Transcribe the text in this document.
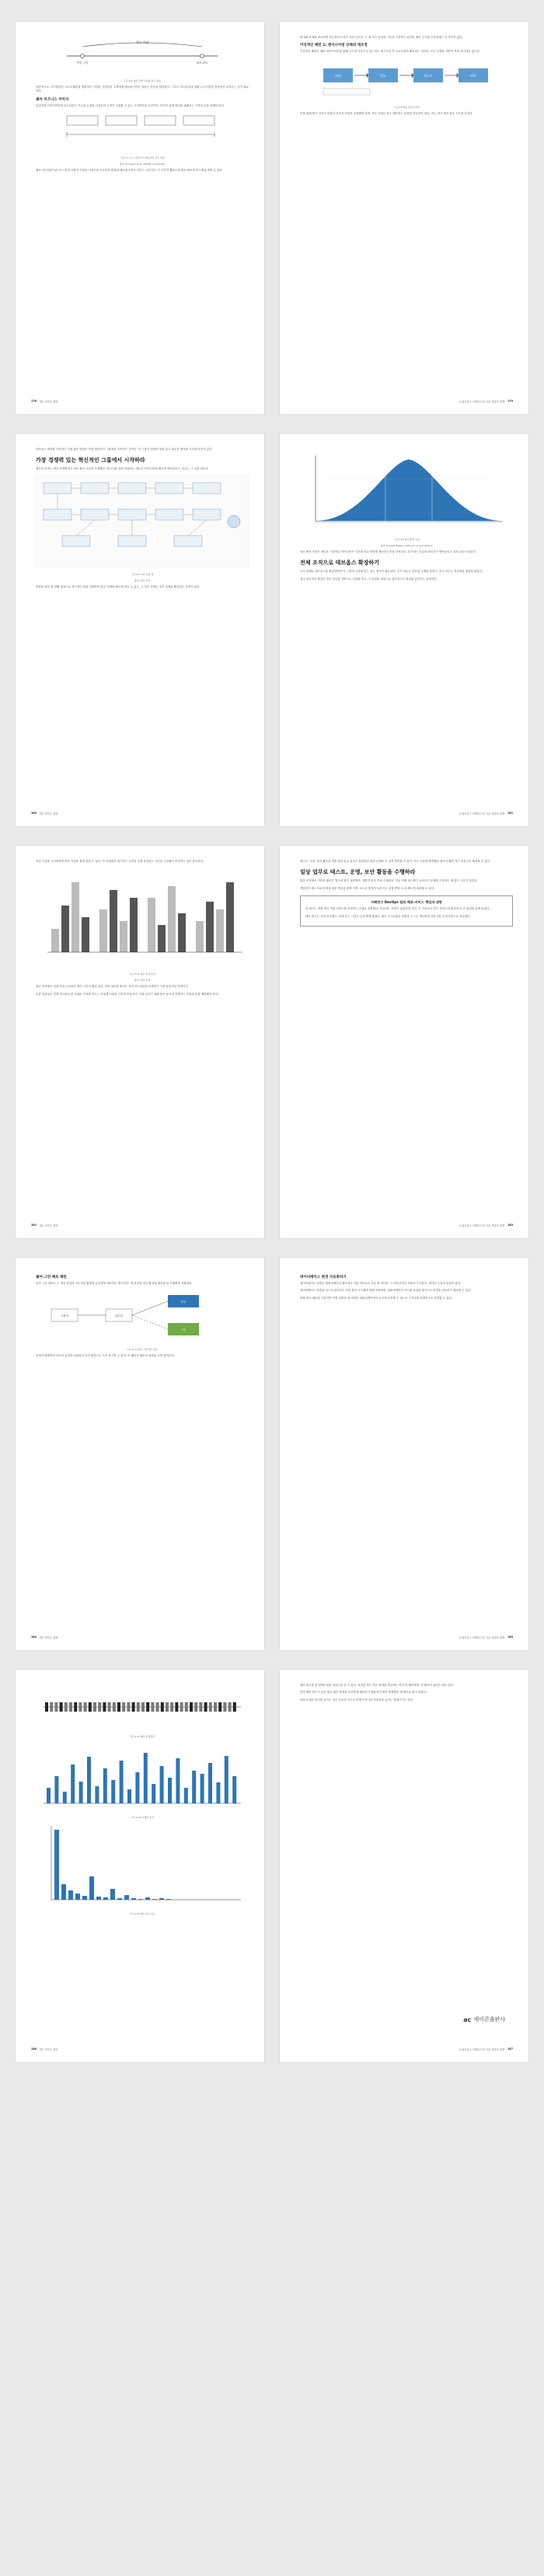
리드 타임
작업 시작	배포 완료
그림 4.6 개선 단계 사이의 리드 타임
일반적으로, 리드타임은 소프트웨어를 개발하기 시작한 시점부터 고객에게 제공되기까지 걸리는 시간을 의미한다. 그리고 리드타임에 대해 요구사항을 만들어서 보여주는 것이 필요하다.
쉐어 비즈니스 이미지
엄밀하게 이야기하자면 리드타임은 기능을 요청한 시점부터 고객이 사용할 수 있는 시점까지의 시간이다. 하지만 실제 측정을 위해서는 시작과 끝을 정해야 한다.
그림 4.7 요구 사항 부터 배포까지 리드 타임
출처: Forsgren et al. (2018), Accelerate
배포 리드타임이란 코드 변경 사항이 커밋된 시점부터 프로덕션 환경에 배포되기까지 걸리는 시간이다. 이 시간이 짧을수록 팀은 빠르게 피드백을 받을 수 있다.
178 3부 사이트 현장
팀 A와 팀 B를 비교하면 자동화의 수준이 서로 다르다. 두 팀 모두 동일한 기능을 구현하고 있지만 배포 주기와 안정성에는 큰 차이가 있다.
이상적인 패턴 1: 엔지니어링 상태의 재조정
이상적인 패턴은 배포 파이프라인을 통해 코드를 자동으로 빌드하고 테스트한 후 프로덕션에 배포하는 것이다. 모든 단계를 사람이 직접 처리하지 않는다.
커밋	빌드	테스트	배포
그림 4.8 배포 파이프라인
이를 위해 팀은 지속적 통합과 지속적 전달을 실천해야 하며, 작은 단위로 자주 배포하는 문화를 만들어야 한다. 이는 결국 팀의 학습 속도를 높인다.
4 데브옵스 프랙티스의 기술 적용의 한계 179
데브옵스 변화를 시작하는 가장 좋은 방법은 가장 혁신적인 그룹에서 시작하는 것이다. 이 그룹은 변화에 열려 있고 새로운 방식을 시도할 의지가 있다.
가장 경쟁력 있는 혁신적인 그룹에서 시작하라
제프리 무어는 캐즘 마케팅에서 혁신 확산 곡선을 소개했다. 혁신가와 얼리 어답터는 새로운 아이디어를 빠르게 받아들이고, 다수는 그 뒤를 따른다.
그림 4.9 가치 흐름 맵
출처: 저자 작성
변화를 위한 첫 번째 대상으로 적극적인 팀을 선택하면 성공 사례를 빠르게 만들 수 있고, 그 성공 사례는 조직 전체로 확산되는 동력이 된다.
180 3부 사이트 현장
그림 4.10 혁신 확산 곡선
출처: Everett Rogers, Diffusion of Innovations
혁신 확산 곡선은 새로운 기술이나 아이디어가 시간에 따라 어떻게 확산되는지를 보여준다. 초기에는 소수의 혁신가가 받아들이고 점차 다수가 따른다.
전체 조직으로 데브옵스 확장하기
조직 전체로 데브옵스를 확장하려면 각 그룹의 특성에 맞는 접근 방식이 필요하다. 초기 다수는 검증된 사례를 원하고, 후기 다수는 표준화된 방법을 원한다.
결국 성공적인 확장은 작은 성공을 기반으로 신뢰를 쌓고, 그 신뢰를 바탕으로 점진적으로 범위를 넓혀가는 과정이다.
4 데브옵스 프랙티스의 기술 적용의 한계 181
작업 흐름을 시각화하면 병목 지점을 쉽게 찾을 수 있다. 각 단계에서 대기하는 시간과 실제 작업하는 시간을 구분해서 측정하는 것이 중요하다.
그림 4.11 업무 흐름 분석
출처: 저자 작성
많은 조직에서 실제 작업 시간보다 대기 시간이 훨씬 길다. 이런 낭비를 줄이는 것이 리드타임을 단축하는 가장 효과적인 방법이다.
흐름 효율성은 전체 리드타임 중 실제로 가치를 만드는 작업에 사용된 시간의 비율이다. 이를 높이기 위해 팀은 동시에 진행하는 작업의 수를 제한해야 한다.
182 3부 사이트 현장
테스트, 운영, 보안 활동을 개발 팀의 일상 업무로 통합하면 품질 문제를 더 일찍 발견할 수 있다. 이는 나중에 발견했을 때보다 훨씬 적은 비용으로 해결할 수 있다.
일상 업무로 테스트, 운영, 보안 활동을 수행하라
많은 조직에서 이러한 활동은 별도의 팀이 담당하며, 개발이 끝난 후에 수행된다. 이로 인해 피드백이 늦어지고 문제를 수정하는 데 많은 시간이 걸린다.
개발자가 테스트와 운영에 대한 책임을 함께 지면, 코드의 품질이 높아지고 장애 발생 시 더 빠르게 대응할 수 있다.
사례연구 DevOps 팀의 배포-서비스 책임과 권한
한 회사는 개발 팀이 직접 서비스를 운영하는 모델로 전환했다. 처음에는 저항이 있었지만, 팀은 곧 자신들이 만든 서비스의 품질에 더 큰 관심을 갖게 되었다.
배포 빈도는 크게 증가했고, 장애 복구 시간은 눈에 띄게 줄었다. 팀은 모니터링과 알림을 스스로 개선하며 서비스를 더 안정적으로 만들었다.
4 데브옵스 프랙티스의 기술 적용의 한계 183
쉐어-그린 배포 패턴
블루-그린 배포는 두 개의 동일한 프로덕션 환경을 유지하며 배포하는 방식이다. 새 버전을 대기 환경에 배포한 뒤 트래픽을 전환한다.
사용자	라우터
블루
그린
그림 4.12 블루-그린 배포 패턴
문제가 발생하면 라우터 설정만 되돌려서 이전 환경으로 즉시 복구할 수 있다. 이 패턴은 배포의 위험을 크게 줄여준다.
184 3부 사이트 현장
데이터베이스 변경 자동화하기
데이터베이스 변경은 애플리케이션 배포에서 가장 까다로운 부분 중 하나다. 스키마 변경은 되돌리기 어렵고, 데이터 손실의 위험이 있다.
데이터베이스 변경을 코드로 관리하고 버전 관리 시스템에 함께 저장하면, 애플리케이션 코드와 동일한 방식으로 변경을 검토하고 배포할 수 있다.
확장-축소 패턴을 사용하면 이전 버전과 새 버전의 애플리케이션이 동시에 동작할 수 있도록 스키마를 단계적으로 변경할 수 있다.
4 데브옵스 프랙티스의 기술 적용의 한계 185
그림 4.13 배포 타임라인
그림 4.14 트래픽 분석
그림 4.15 배포 빈도 분포
186 3부 사이트 현장
배포 빈도를 분석하면 팀의 성숙도를 알 수 있다. 성숙한 팀은 작은 변경을 하루에도 여러 번 배포하며, 각 배포의 위험은 매우 낮다.
반면 배포 빈도가 낮은 팀은 많은 변경을 한꺼번에 배포하기 때문에 문제가 발생했을 때 원인을 찾기 어렵다.
따라서 배포 빈도를 높이는 것은 단순히 속도의 문제가 아니라 안정성을 높이는 방법이기도 하다.
ac 에이콘출판사
4 데브옵스 프랙티스의 기술 적용의 한계 187
